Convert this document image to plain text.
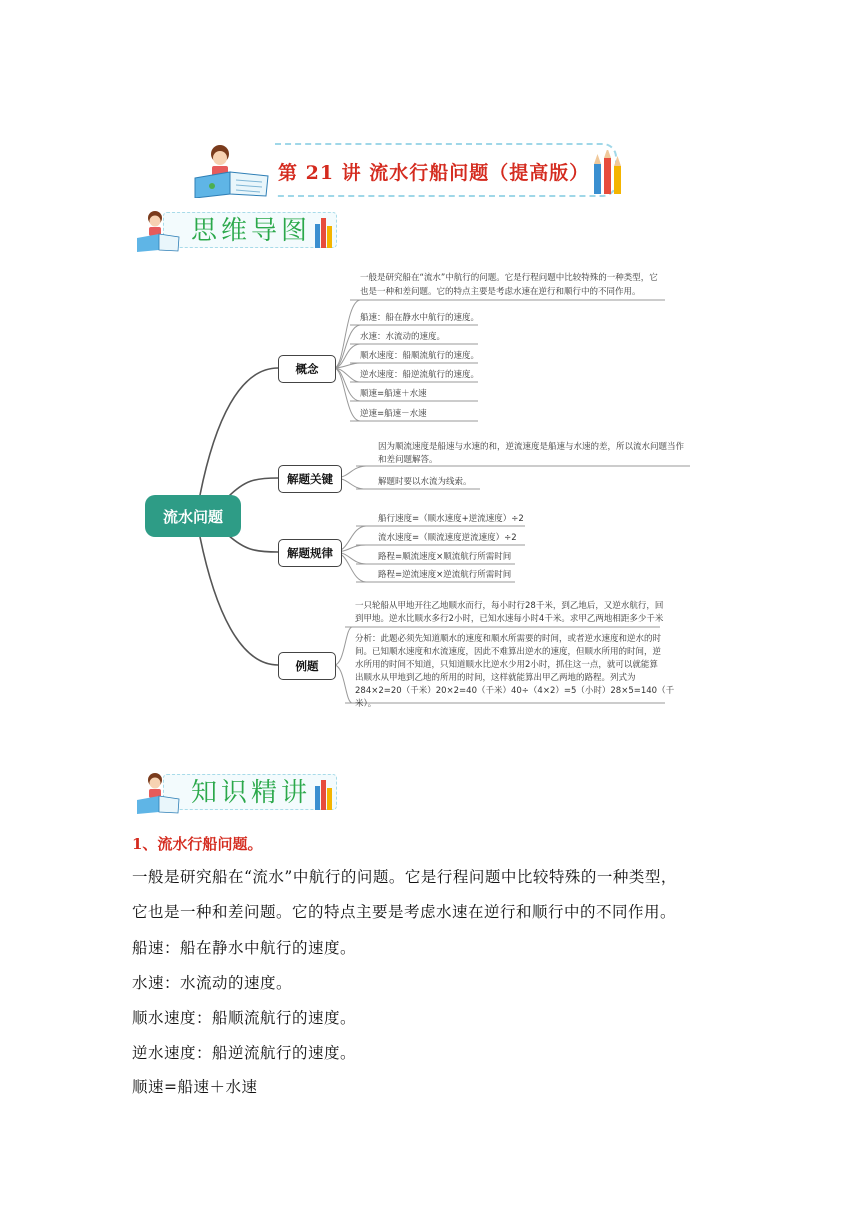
第 21 讲 流水行船问题（提高版）
思维导图
流水问题
概念
解题关键
解题规律
例题
一般是研究船在“流水”中航行的问题。它是行程问题中比较特殊的一种类型，它
也是一种和差问题。它的特点主要是考虑水速在逆行和顺行中的不同作用。
船速：船在静水中航行的速度。
水速：水流动的速度。
顺水速度：船顺流航行的速度。
逆水速度：船逆流航行的速度。
顺速=船速＋水速
逆速=船速－水速
因为顺流速度是船速与水速的和，逆流速度是船速与水速的差，所以流水问题当作
和差问题解答。
解题时要以水流为线索。
船行速度=（顺水速度+逆流速度）÷2
流水速度=（顺流速度逆流速度）÷2
路程=顺流速度×顺流航行所需时间
路程=逆流速度×逆流航行所需时间
一只轮船从甲地开往乙地顺水而行，每小时行28千米，到乙地后，又逆水航行，回
到甲地。逆水比顺水多行2小时，已知水速每小时4千米。求甲乙两地相距多少千米
分析：此题必须先知道顺水的速度和顺水所需要的时间，或者逆水速度和逆水的时
间。已知顺水速度和水流速度，因此不难算出逆水的速度，但顺水所用的时间，逆
水所用的时间不知道，只知道顺水比逆水少用2小时，抓住这一点，就可以就能算
出顺水从甲地到乙地的所用的时间，这样就能算出甲乙两地的路程。列式为
284×2=20（千米）20×2=40（千米）40÷（4×2）=5（小时）28×5=140（千
米）。
知识精讲
1、流水行船问题。
一般是研究船在“流水”中航行的问题。它是行程问题中比较特殊的一种类型，
它也是一种和差问题。它的特点主要是考虑水速在逆行和顺行中的不同作用。
船速：船在静水中航行的速度。
水速：水流动的速度。
顺水速度：船顺流航行的速度。
逆水速度：船逆流航行的速度。
顺速=船速＋水速
